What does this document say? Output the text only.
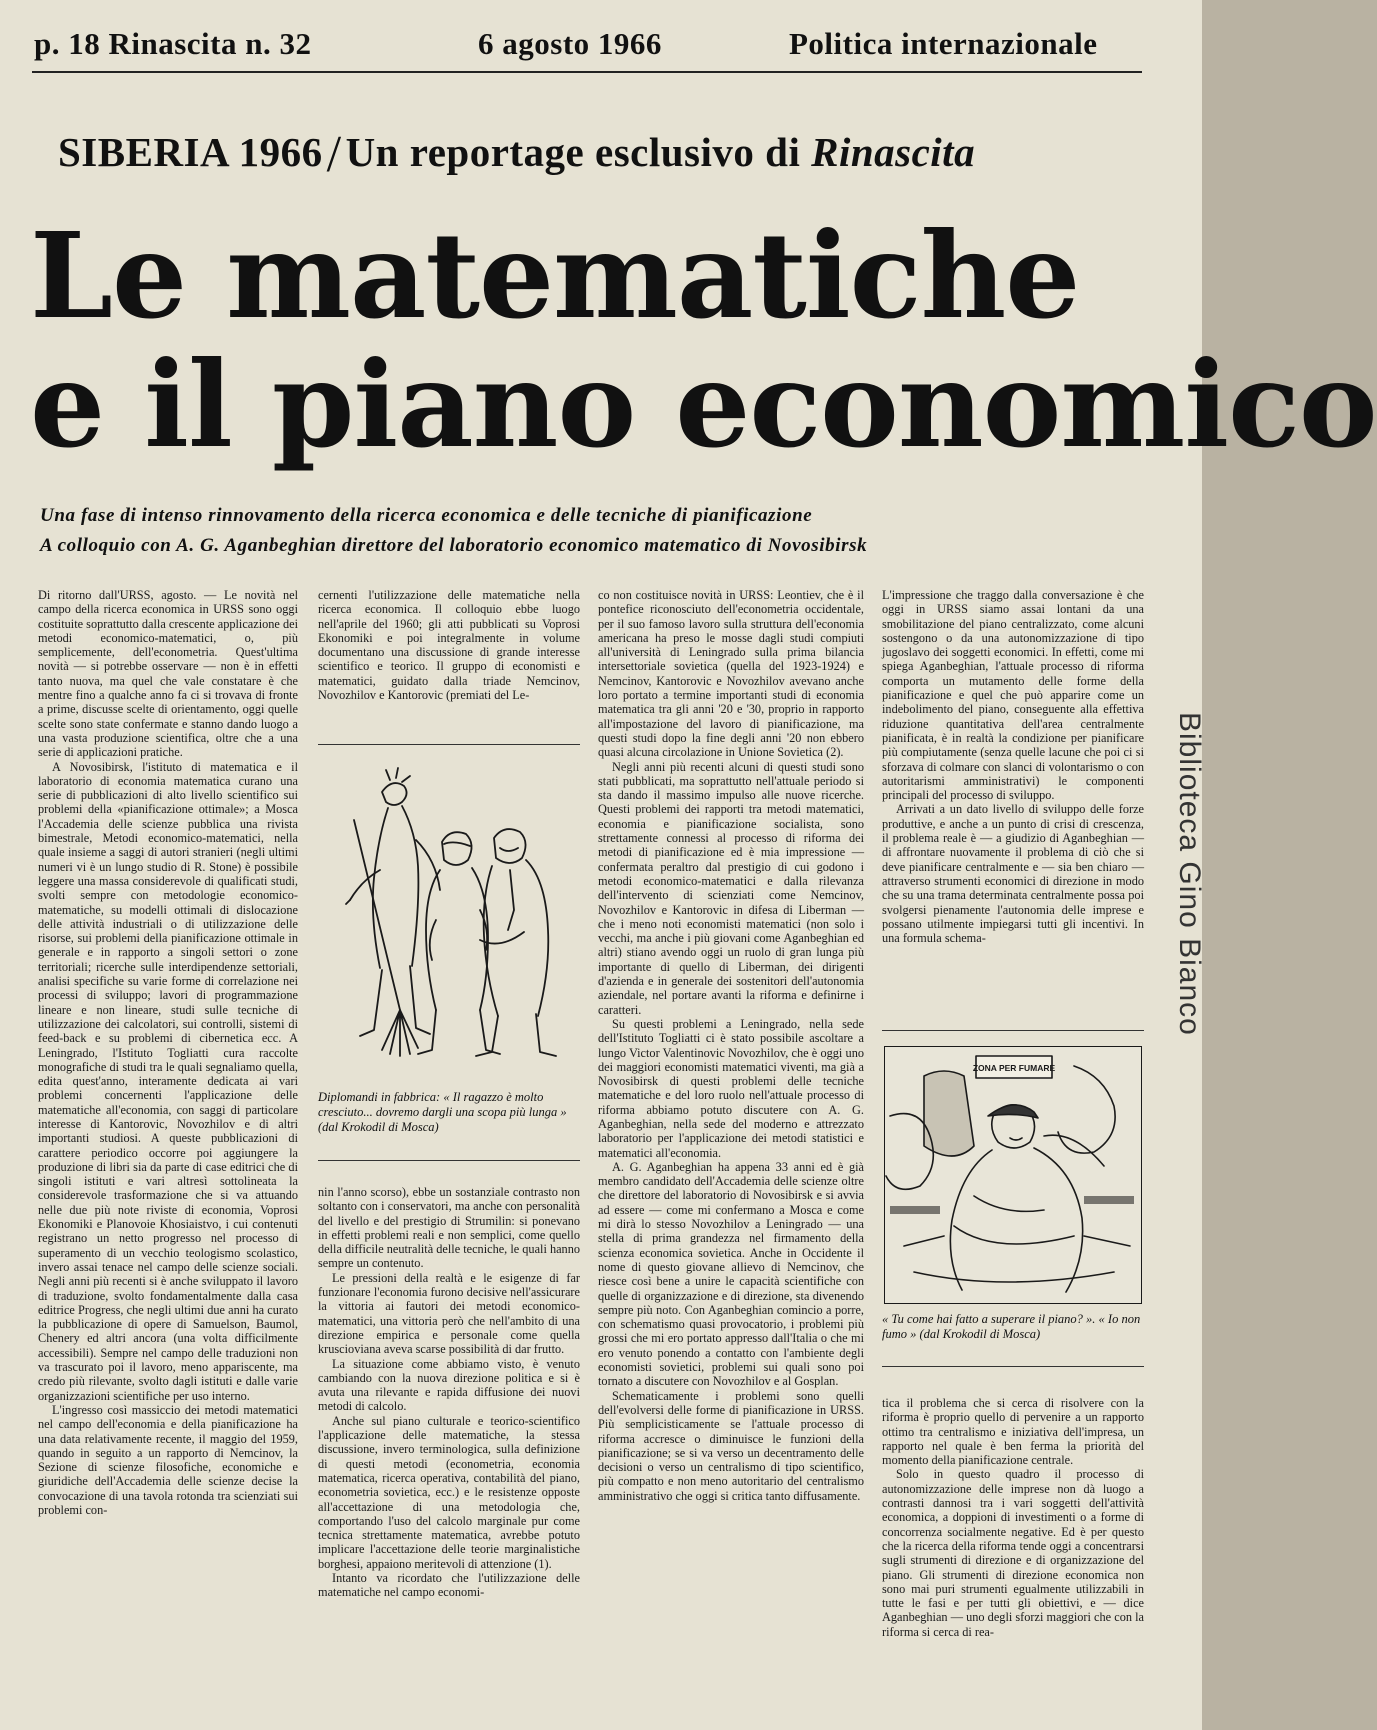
p. 18 Rinascita n. 32	6 agosto 1966	Politica internazionale
SIBERIA 1966/Un reportage esclusivo di Rinascita
Le matematiche
e il piano economico
Una fase di intenso rinnovamento della ricerca economica e delle tecniche di pianificazione
A colloquio con A. G. Aganbeghian direttore del laboratorio economico matematico di Novosibirsk

Di ritorno dall'URSS, agosto. — Le novità nel campo della ricerca economica in URSS sono oggi costituite soprattutto dalla crescente applicazione dei metodi economico-matematici, o, più semplicemente, dell'econometria. Quest'ultima novità — si potrebbe osservare — non è in effetti tanto nuova, ma quel che vale constatare è che mentre fino a qualche anno fa ci si trovava di fronte a prime, discusse scelte di orientamento, oggi quelle scelte sono state confermate e stanno dando luogo a una vasta produzione scientifica, oltre che a una serie di applicazioni pratiche.

A Novosibirsk, l'istituto di matematica e il laboratorio di economia matematica curano una serie di pubblicazioni di alto livello scientifico sui problemi della «pianificazione ottimale»; a Mosca l'Accademia delle scienze pubblica una rivista bimestrale, Metodi economico-matematici, nella quale insieme a saggi di autori stranieri (negli ultimi numeri vi è un lungo studio di R. Stone) è possibile leggere una massa considerevole di qualificati studi, svolti sempre con metodologie economico-matematiche, su modelli ottimali di dislocazione delle attività industriali o di utilizzazione delle risorse, sui problemi della pianificazione ottimale in generale e in rapporto a singoli settori o zone territoriali; ricerche sulle interdipendenze settoriali, analisi specifiche su varie forme di correlazione nei processi di sviluppo; lavori di programmazione lineare e non lineare, studi sulle tecniche di utilizzazione dei calcolatori, sui controlli, sistemi di feed-back e su problemi di cibernetica ecc. A Leningrado, l'Istituto Togliatti cura raccolte monografiche di studi tra le quali segnaliamo quella, edita quest'anno, interamente dedicata ai vari problemi concernenti l'applicazione delle matematiche all'economia, con saggi di particolare interesse di Kantorovic, Novozhilov e di altri importanti studiosi. A queste pubblicazioni di carattere periodico occorre poi aggiungere la produzione di libri sia da parte di case editrici che di singoli istituti e vari altresì sottolineata la considerevole trasformazione che si va attuando nelle due più note riviste di economia, Voprosi Ekonomiki e Planovoie Khosiaistvo, i cui contenuti registrano un netto progresso nel processo di superamento di un vecchio teologismo scolastico, invero assai tenace nel campo delle scienze sociali. Negli anni più recenti si è anche sviluppato il lavoro di traduzione, svolto fondamentalmente dalla casa editrice Progress, che negli ultimi due anni ha curato la pubblicazione di opere di Samuelson, Baumol, Chenery ed altri ancora (una volta difficilmente accessibili). Sempre nel campo delle traduzioni non va trascurato poi il lavoro, meno appariscente, ma credo più rilevante, svolto dagli istituti e dalle varie organizzazioni scientifiche per uso interno.

L'ingresso così massiccio dei metodi matematici nel campo dell'economia e della pianificazione ha una data relativamente recente, il maggio del 1959, quando in seguito a un rapporto di Nemcinov, la Sezione di scienze filosofiche, economiche e giuridiche dell'Accademia delle scienze decise la convocazione di una tavola rotonda tra scienziati sui problemi con-

cernenti l'utilizzazione delle matematiche nella ricerca economica. Il colloquio ebbe luogo nell'aprile del 1960; gli atti pubblicati su Voprosi Ekonomiki e poi integralmente in volume documentano una discussione di grande interesse scientifico e teorico. Il gruppo di economisti e matematici, guidato dalla triade Nemcinov, Novozhilov e Kantorovic (premiati del Le-

Diplomandi in fabbrica: « Il ragazzo è molto cresciuto... dovremo dargli una scopa più lunga » (dal Krokodil di Mosca)

nin l'anno scorso), ebbe un sostanziale contrasto non soltanto con i conservatori, ma anche con personalità del livello e del prestigio di Strumilin: si ponevano in effetti problemi reali e non semplici, come quello della difficile neutralità delle tecniche, le quali hanno sempre un contenuto.

Le pressioni della realtà e le esigenze di far funzionare l'economia furono decisive nell'assicurare la vittoria ai fautori dei metodi economico-matematici, una vittoria però che nell'ambito di una direzione empirica e personale come quella kruscioviana aveva scarse possibilità di dar frutto.

La situazione come abbiamo visto, è venuto cambiando con la nuova direzione politica e si è avuta una rilevante e rapida diffusione dei nuovi metodi di calcolo.

Anche sul piano culturale e teorico-scientifico l'applicazione delle matematiche, la stessa discussione, invero terminologica, sulla definizione di questi metodi (econometria, economia matematica, ricerca operativa, contabilità del piano, econometria sovietica, ecc.) e le resistenze opposte all'accettazione di una metodologia che, comportando l'uso del calcolo marginale pur come tecnica strettamente matematica, avrebbe potuto implicare l'accettazione delle teorie marginalistiche borghesi, appaiono meritevoli di attenzione (1).

Intanto va ricordato che l'utilizzazione delle matematiche nel campo economi-

co non costituisce novità in URSS: Leontiev, che è il pontefice riconosciuto dell'econometria occidentale, per il suo famoso lavoro sulla struttura dell'economia americana ha preso le mosse dagli studi compiuti all'università di Leningrado sulla prima bilancia intersettoriale sovietica (quella del 1923-1924) e Nemcinov, Kantorovic e Novozhilov avevano anche loro portato a termine importanti studi di economia matematica tra gli anni '20 e '30, proprio in rapporto all'impostazione del lavoro di pianificazione, ma questi studi dopo la fine degli anni '20 non ebbero quasi alcuna circolazione in Unione Sovietica (2).

Negli anni più recenti alcuni di questi studi sono stati pubblicati, ma soprattutto nell'attuale periodo si sta dando il massimo impulso alle nuove ricerche. Questi problemi dei rapporti tra metodi matematici, economia e pianificazione socialista, sono strettamente connessi al processo di riforma dei metodi di pianificazione ed è mia impressione — confermata peraltro dal prestigio di cui godono i metodi economico-matematici e dalla rilevanza dell'intervento di scienziati come Nemcinov, Novozhilov e Kantorovic in difesa di Liberman — che i meno noti economisti matematici (non solo i vecchi, ma anche i più giovani come Aganbeghian ed altri) stiano avendo oggi un ruolo di gran lunga più importante di quello di Liberman, dei dirigenti d'azienda e in generale dei sostenitori dell'autonomia aziendale, nel portare avanti la riforma e definirne i caratteri.

Su questi problemi a Leningrado, nella sede dell'Istituto Togliatti ci è stato possibile ascoltare a lungo Victor Valentinovic Novozhilov, che è oggi uno dei maggiori economisti matematici viventi, ma già a Novosibirsk di questi problemi delle tecniche matematiche e del loro ruolo nell'attuale processo di riforma abbiamo potuto discutere con A. G. Aganbeghian, nella sede del moderno e attrezzato laboratorio per l'applicazione dei metodi statistici e matematici all'economia.

A. G. Aganbeghian ha appena 33 anni ed è già membro candidato dell'Accademia delle scienze oltre che direttore del laboratorio di Novosibirsk e si avvia ad essere — come mi confermano a Mosca e come mi dirà lo stesso Novozhilov a Leningrado — una stella di prima grandezza nel firmamento della scienza economica sovietica. Anche in Occidente il nome di questo giovane allievo di Nemcinov, che riesce così bene a unire le capacità scientifiche con quelle di organizzazione e di direzione, sta divenendo sempre più noto. Con Aganbeghian comincio a porre, con schematismo quasi provocatorio, i problemi più grossi che mi ero portato appresso dall'Italia o che mi ero venuto ponendo a contatto con l'ambiente degli economisti sovietici, problemi sui quali sono poi tornato a discutere con Novozhilov e al Gosplan.

Schematicamente i problemi sono quelli dell'evolversi delle forme di pianificazione in URSS. Più semplicisticamente se l'attuale processo di riforma accresce o diminuisce le funzioni della pianificazione; se si va verso un decentramento delle decisioni o verso un centralismo di tipo scientifico, più compatto e non meno autoritario del centralismo amministrativo che oggi si critica tanto diffusamente.

L'impressione che traggo dalla conversazione è che oggi in URSS siamo assai lontani da una smobilitazione del piano centralizzato, come alcuni sostengono o da una autonomizzazione di tipo jugoslavo dei soggetti economici. In effetti, come mi spiega Aganbeghian, l'attuale processo di riforma comporta un mutamento delle forme della pianificazione e quel che può apparire come un indebolimento del piano, conseguente alla effettiva riduzione quantitativa dell'area centralmente pianificata, è in realtà la condizione per pianificare più compiutamente (senza quelle lacune che poi ci si sforzava di colmare con slanci di volontarismo o con autoritarismi amministrativi) le componenti principali del processo di sviluppo.

Arrivati a un dato livello di sviluppo delle forze produttive, e anche a un punto di crisi di crescenza, il problema reale è — a giudizio di Aganbeghian — di affrontare nuovamente il problema di ciò che si deve pianificare centralmente e — sia ben chiaro — attraverso strumenti economici di direzione in modo che su una trama determinata centralmente possa poi svolgersi pienamente l'autonomia delle imprese e possano utilmente impiegarsi tutti gli incentivi. In una formula schema-

ZONA PER FUMARE
« Tu come hai fatto a superare il piano? ». « Io non fumo » (dal Krokodil di Mosca)

tica il problema che si cerca di risolvere con la riforma è proprio quello di pervenire a un rapporto ottimo tra centralismo e iniziativa dell'impresa, un rapporto nel quale è ben ferma la priorità del momento della pianificazione centrale.

Solo in questo quadro il processo di autonomizzazione delle imprese non dà luogo a contrasti dannosi tra i vari soggetti dell'attività economica, a doppioni di investimenti o a forme di concorrenza socialmente negative. Ed è per questo che la ricerca della riforma tende oggi a concentrarsi sugli strumenti di direzione e di organizzazione del piano. Gli strumenti di direzione economica non sono mai puri strumenti egualmente utilizzabili in tutte le fasi e per tutti gli obiettivi, e — dice Aganbeghian — uno degli sforzi maggiori che con la riforma si cerca di rea-

Biblioteca Gino Bianco
